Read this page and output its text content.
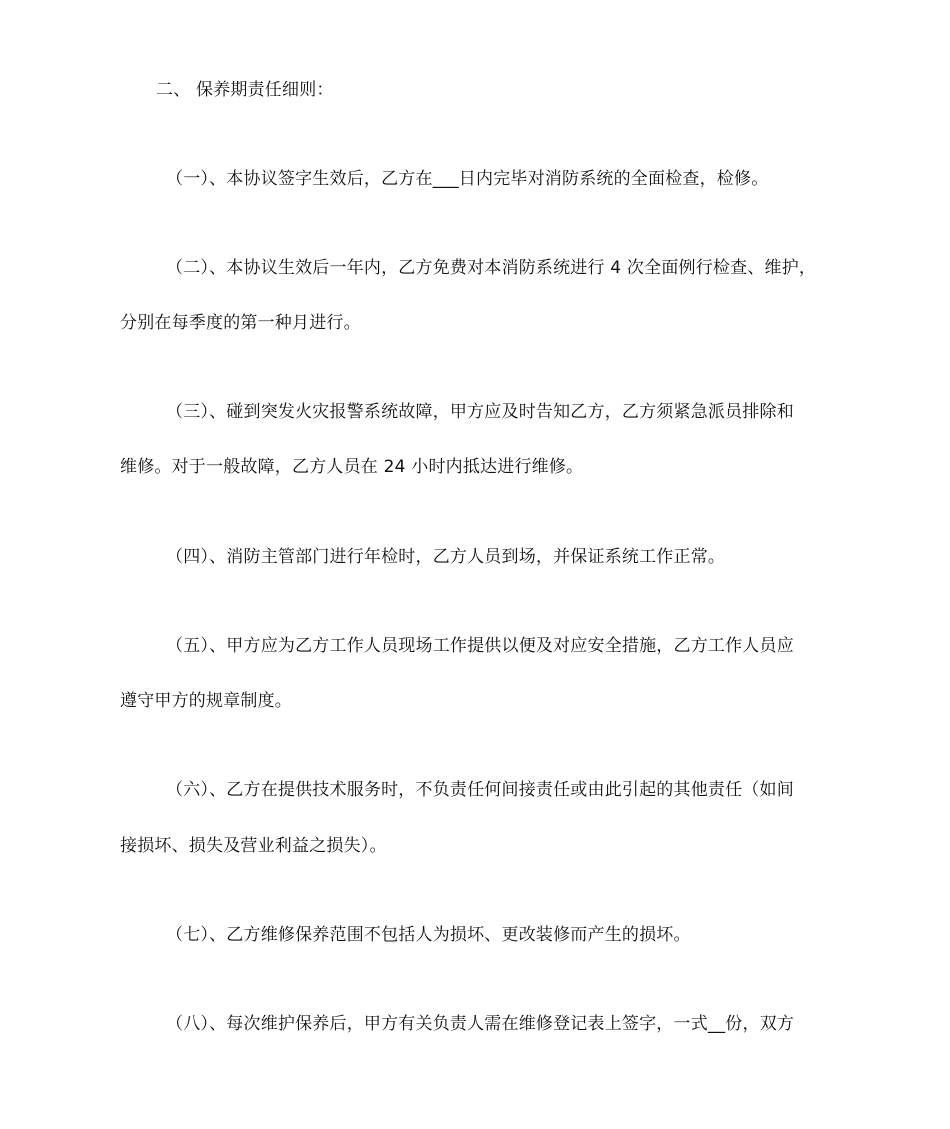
二、 保养期责任细则：
（一）、本协议签字生效后，乙方在___日内完毕对消防系统的全面检查，检修。
（二）、本协议生效后一年内，乙方免费对本消防系统进行 4 次全面例行检查、维护，
分别在每季度的第一种月进行。
（三）、碰到突发火灾报警系统故障，甲方应及时告知乙方，乙方须紧急派员排除和
维修。对于一般故障，乙方人员在 24 小时内抵达进行维修。
（四）、消防主管部门进行年检时，乙方人员到场，并保证系统工作正常。
（五）、甲方应为乙方工作人员现场工作提供以便及对应安全措施，乙方工作人员应
遵守甲方的规章制度。
（六）、乙方在提供技术服务时，不负责任何间接责任或由此引起的其他责任（如间
接损坏、损失及营业利益之损失）。
（七）、乙方维修保养范围不包括人为损坏、更改装修而产生的损坏。
（八）、每次维护保养后，甲方有关负责人需在维修登记表上签字，一式__份，双方
